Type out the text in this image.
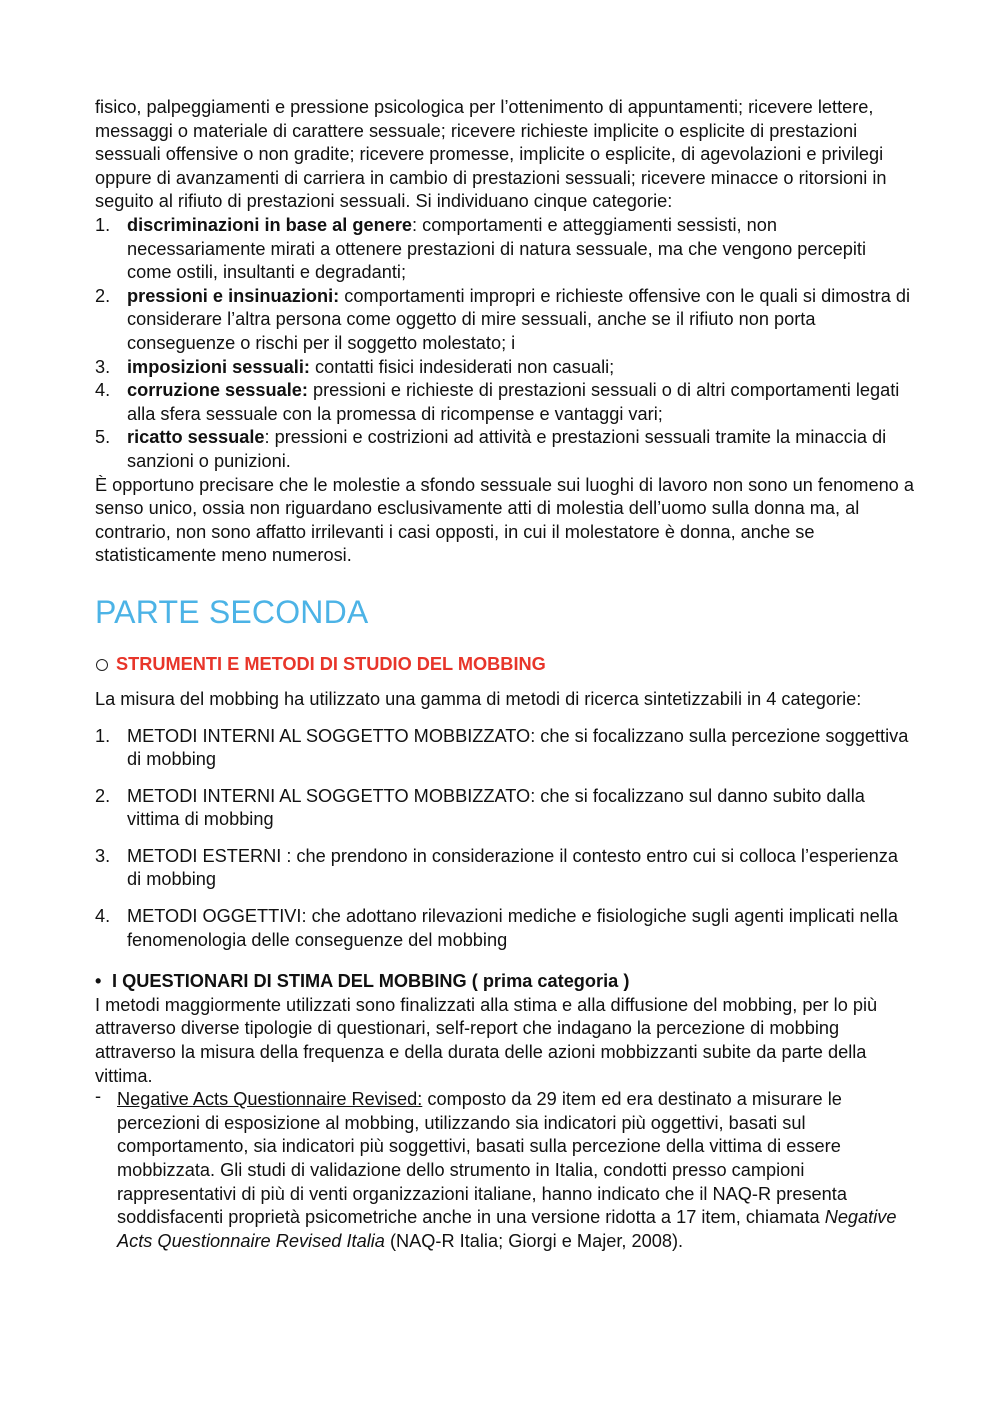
fisico, palpeggiamenti e pressione psicologica per l’ottenimento di appuntamenti; ricevere lettere, messaggi o materiale di carattere sessuale; ricevere richieste implicite o esplicite di prestazioni sessuali offensive o non gradite; ricevere promesse, implicite o esplicite, di agevolazioni e privilegi oppure di avanzamenti di carriera in cambio di prestazioni sessuali; ricevere minacce o ritorsioni in seguito al rifiuto di prestazioni sessuali. Si individuano cinque categorie:

1. discriminazioni in base al genere: comportamenti e atteggiamenti sessisti, non necessariamente mirati a ottenere prestazioni di natura sessuale, ma che vengono percepiti come ostili, insultanti e degradanti;
2. pressioni e insinuazioni: comportamenti impropri e richieste offensive con le quali si dimostra di considerare l’altra persona come oggetto di mire sessuali, anche se il rifiuto non porta conseguenze o rischi per il soggetto molestato; i
3. imposizioni sessuali: contatti fisici indesiderati non casuali;
4. corruzione sessuale: pressioni e richieste di prestazioni sessuali o di altri comportamenti legati alla sfera sessuale con la promessa di ricompense e vantaggi vari;
5. ricatto sessuale: pressioni e costrizioni ad attività e prestazioni sessuali tramite la minaccia di sanzioni o punizioni.

È opportuno precisare che le molestie a sfondo sessuale sui luoghi di lavoro non sono un fenomeno a senso unico, ossia non riguardano esclusivamente atti di molestia dell’uomo sulla donna ma, al contrario, non sono affatto irrilevanti i casi opposti, in cui il molestatore è donna, anche se statisticamente meno numerosi.

PARTE SECONDA
STRUMENTI E METODI DI STUDIO DEL MOBBING

La misura del mobbing ha utilizzato una gamma di metodi di ricerca sintetizzabili in 4 categorie:

1. METODI INTERNI AL SOGGETTO MOBBIZZATO: che si focalizzano sulla percezione soggettiva di mobbing
2. METODI INTERNI AL SOGGETTO MOBBIZZATO: che si focalizzano sul danno subito dalla vittima di mobbing
3. METODI ESTERNI : che prendono in considerazione il contesto entro cui si colloca l’esperienza di mobbing
4. METODI OGGETTIVI: che adottano rilevazioni mediche e fisiologiche sugli agenti implicati nella fenomenologia delle conseguenze del mobbing
• I QUESTIONARI DI STIMA DEL MOBBING ( prima categoria )

I metodi maggiormente utilizzati sono finalizzati alla stima e alla diffusione del mobbing, per lo più attraverso diverse tipologie di questionari, self-report che indagano la percezione di mobbing attraverso la misura della frequenza e della durata delle azioni mobbizzanti subite da parte della vittima.

- Negative Acts Questionnaire Revised: composto da 29 item ed era destinato a misurare le percezioni di esposizione al mobbing, utilizzando sia indicatori più oggettivi, basati sul comportamento, sia indicatori più soggettivi, basati sulla percezione della vittima di essere mobbizzata. Gli studi di validazione dello strumento in Italia, condotti presso campioni rappresentativi di più di venti organizzazioni italiane, hanno indicato che il NAQ-R presenta soddisfacenti proprietà psicometriche anche in una versione ridotta a 17 item, chiamata Negative Acts Questionnaire Revised Italia (NAQ-R Italia; Giorgi e Majer, 2008).
